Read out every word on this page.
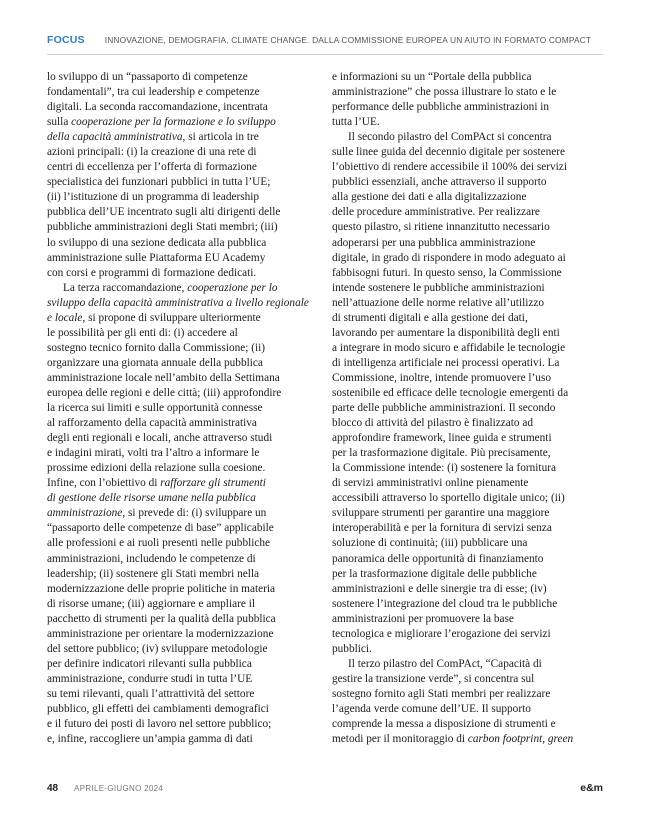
FOCUS INNOVAZIONE, DEMOGRAFIA, CLIMATE CHANGE. DALLA COMMISSIONE EUROPEA UN AIUTO IN FORMATO COMPACT

lo sviluppo di un “passaporto di competenze
fondamentali”, tra cui leadership e competenze
digitali. La seconda raccomandazione, incentrata
sulla cooperazione per la formazione e lo sviluppo
della capacità amministrativa, si articola in tre
azioni principali: (i) la creazione di una rete di
centri di eccellenza per l’offerta di formazione
specialistica dei funzionari pubblici in tutta l’UE;
(ii) l’istituzione di un programma di leadership
pubblica dell’UE incentrato sugli alti dirigenti delle
pubbliche amministrazioni degli Stati membri; (iii)
lo sviluppo di una sezione dedicata alla pubblica
amministrazione sulle Piattaforma EU Academy
con corsi e programmi di formazione dedicati.

La terza raccomandazione, cooperazione per lo
sviluppo della capacità amministrativa a livello regionale
e locale, si propone di sviluppare ulteriormente
le possibilità per gli enti di: (i) accedere al
sostegno tecnico fornito dalla Commissione; (ii)
organizzare una giornata annuale della pubblica
amministrazione locale nell’ambito della Settimana
europea delle regioni e delle città; (iii) approfondire
la ricerca sui limiti e sulle opportunità connesse
al rafforzamento della capacità amministrativa
degli enti regionali e locali, anche attraverso studi
e indagini mirati, volti tra l’altro a informare le
prossime edizioni della relazione sulla coesione.
Infine, con l’obiettivo di rafforzare gli strumenti
di gestione delle risorse umane nella pubblica
amministrazione, si prevede di: (i) sviluppare un
“passaporto delle competenze di base” applicabile
alle professioni e ai ruoli presenti nelle pubbliche
amministrazioni, includendo le competenze di
leadership; (ii) sostenere gli Stati membri nella
modernizzazione delle proprie politiche in materia
di risorse umane; (iii) aggiornare e ampliare il
pacchetto di strumenti per la qualità della pubblica
amministrazione per orientare la modernizzazione
del settore pubblico; (iv) sviluppare metodologie
per definire indicatori rilevanti sulla pubblica
amministrazione, condurre studi in tutta l’UE
su temi rilevanti, quali l’attrattività del settore
pubblico, gli effetti dei cambiamenti demografici
e il futuro dei posti di lavoro nel settore pubblico;
e, infine, raccogliere un’ampia gamma di dati

e informazioni su un “Portale della pubblica
amministrazione” che possa illustrare lo stato e le
performance delle pubbliche amministrazioni in
tutta l’UE.

Il secondo pilastro del ComPAct si concentra
sulle linee guida del decennio digitale per sostenere
l’obiettivo di rendere accessibile il 100% dei servizi
pubblici essenziali, anche attraverso il supporto
alla gestione dei dati e alla digitalizzazione
delle procedure amministrative. Per realizzare
questo pilastro, si ritiene innanzitutto necessario
adoperarsi per una pubblica amministrazione
digitale, in grado di rispondere in modo adeguato ai
fabbisogni futuri. In questo senso, la Commissione
intende sostenere le pubbliche amministrazioni
nell’attuazione delle norme relative all’utilizzo
di strumenti digitali e alla gestione dei dati,
lavorando per aumentare la disponibilità degli enti
a integrare in modo sicuro e affidabile le tecnologie
di intelligenza artificiale nei processi operativi. La
Commissione, inoltre, intende promuovere l’uso
sostenibile ed efficace delle tecnologie emergenti da
parte delle pubbliche amministrazioni. Il secondo
blocco di attività del pilastro è finalizzato ad
approfondire framework, linee guida e strumenti
per la trasformazione digitale. Più precisamente,
la Commissione intende: (i) sostenere la fornitura
di servizi amministrativi online pienamente
accessibili attraverso lo sportello digitale unico; (ii)
sviluppare strumenti per garantire una maggiore
interoperabilità e per la fornitura di servizi senza
soluzione di continuità; (iii) pubblicare una
panoramica delle opportunità di finanziamento
per la trasformazione digitale delle pubbliche
amministrazioni e delle sinergie tra di esse; (iv)
sostenere l’integrazione del cloud tra le pubbliche
amministrazioni per promuovere la base
tecnologica e migliorare l’erogazione dei servizi
pubblici.

Il terzo pilastro del ComPAct, “Capacità di
gestire la transizione verde”, si concentra sul
sostegno fornito agli Stati membri per realizzare
l’agenda verde comune dell’UE. Il supporto
comprende la messa a disposizione di strumenti e
metodi per il monitoraggio di carbon footprint, green

48 APRILE-GIUGNO 2024	e&m
